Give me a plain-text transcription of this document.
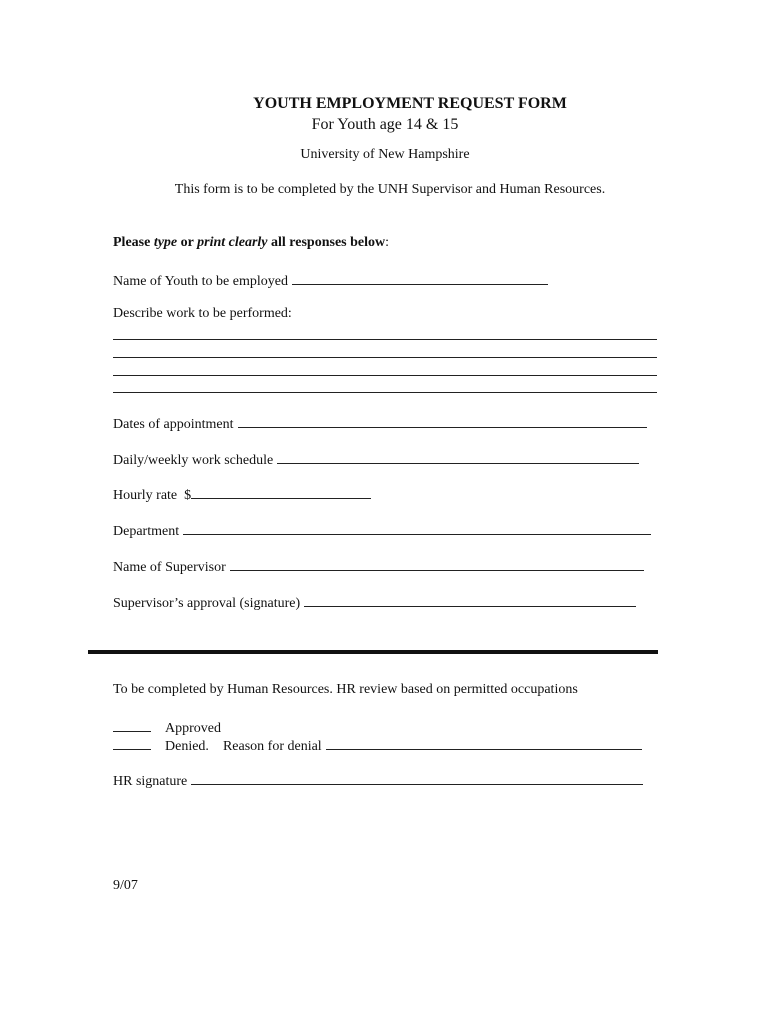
YOUTH EMPLOYMENT REQUEST FORM
For Youth age 14 & 15
University of New Hampshire
This form is to be completed by the UNH Supervisor and Human Resources.
Please type or print clearly all responses below:
Name of Youth to be employed
Describe work to be performed:
Dates of appointment
Daily/weekly work schedule
Hourly rate $
Department
Name of Supervisor
Supervisor’s approval (signature)
To be completed by Human Resources. HR review based on permitted occupations
Approved
Denied. Reason for denial
HR signature
9/07
